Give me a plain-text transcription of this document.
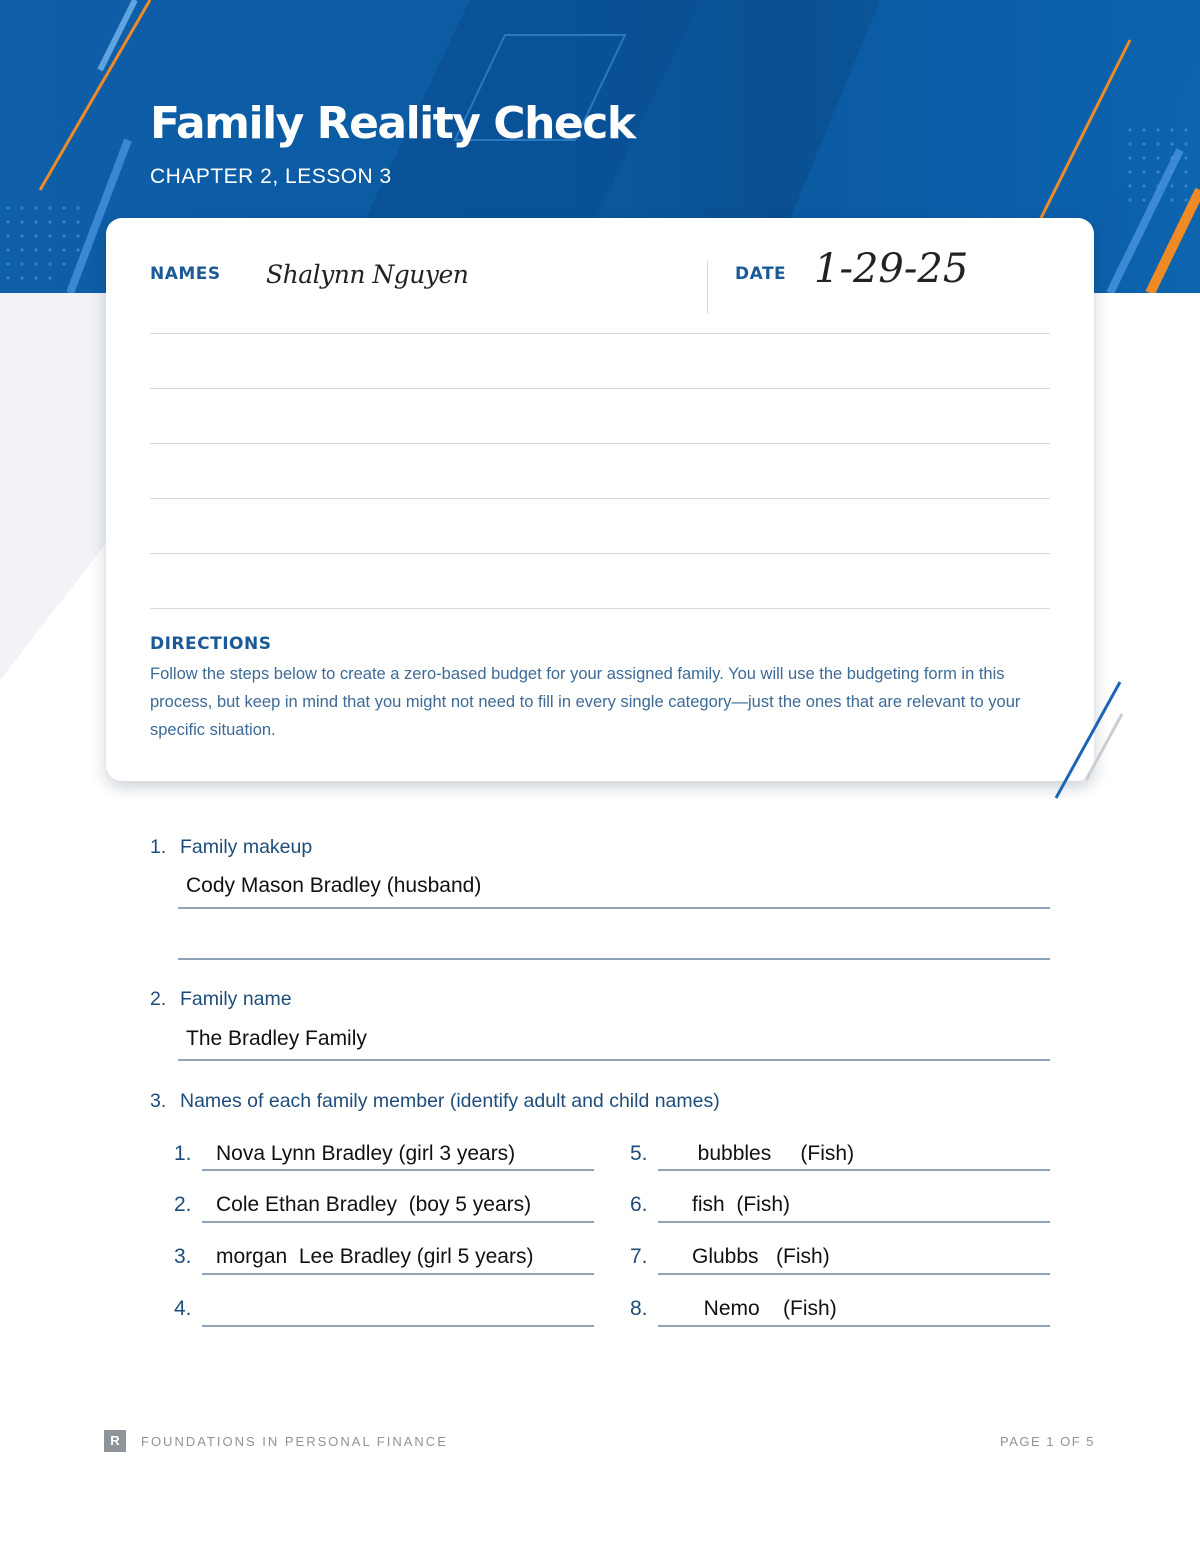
Family Reality Check
CHAPTER 2, LESSON 3
NAMES Shalynn Nguyen	DATE 1-29-25
DIRECTIONS
Follow the steps below to create a zero-based budget for your assigned family. You will use the budgeting form in this process, but keep in mind that you might not need to fill in every single category—just the ones that are relevant to your specific situation.
1. Family makeup
Cody Mason Bradley (husband)
2. Family name
The Bradley Family
3. Names of each family member (identify adult and child names)
1. Nova Lynn Bradley (girl 3 years)
2. Cole Ethan Bradley  (boy 5 years)
3. morgan  Lee Bradley (girl 5 years)
4.
5. bubbles     (Fish)
6. fish  (Fish)
7. Glubbs   (Fish)
8. Nemo    (Fish)
R	FOUNDATIONS IN PERSONAL FINANCE	PAGE 1 OF 5
